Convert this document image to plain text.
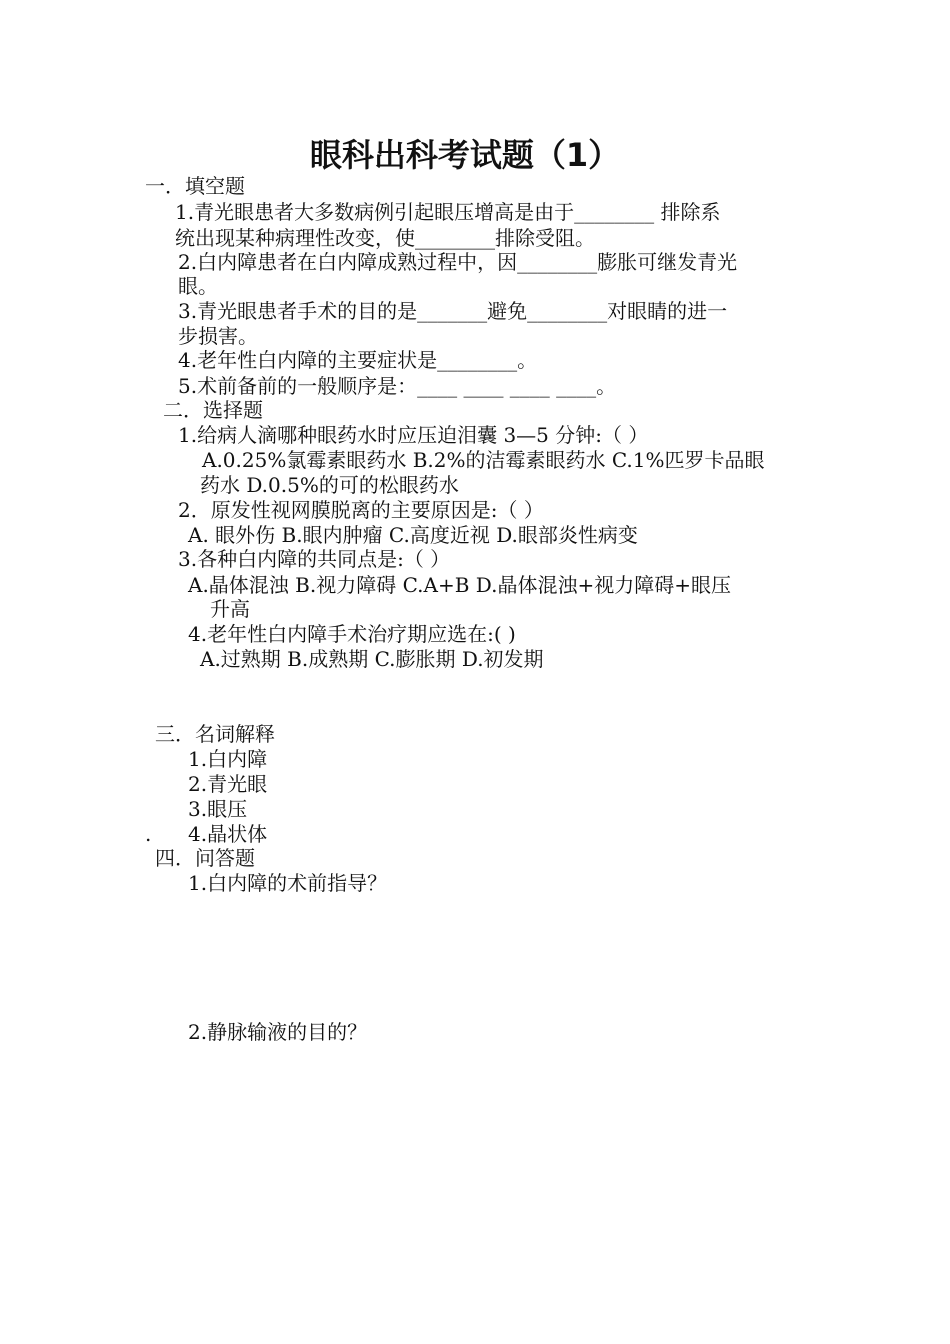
眼科出科考试题（1）
一．填空题
1.青光眼患者大多数病例引起眼压增高是由于________ 排除系
统出现某种病理性改变，使________排除受阻。
2.白内障患者在白内障成熟过程中，因________膨胀可继发青光
眼。
3.青光眼患者手术的目的是_______避免________对眼睛的进一
步损害。
4.老年性白内障的主要症状是________。
5.术前备前的一般顺序是：____ ____ ____ ____。
二．选择题
1.给病人滴哪种眼药水时应压迫泪囊 3—5 分钟:（ ）
A.0.25%氯霉素眼药水 B.2%的洁霉素眼药水 C.1%匹罗卡品眼
药水 D.0.5%的可的松眼药水
2．原发性视网膜脱离的主要原因是:（ ）
A. 眼外伤 B.眼内肿瘤 C.高度近视 D.眼部炎性病变
3.各种白内障的共同点是:（ ）
A.晶体混浊 B.视力障碍 C.A+B D.晶体混浊+视力障碍+眼压
升高
4.老年性白内障手术治疗期应选在:( )
A.过熟期 B.成熟期 C.膨胀期 D.初发期
三．名词解释
1.白内障
2.青光眼
3.眼压
. 4.晶状体
四．问答题
1.白内障的术前指导？
2.静脉输液的目的？
